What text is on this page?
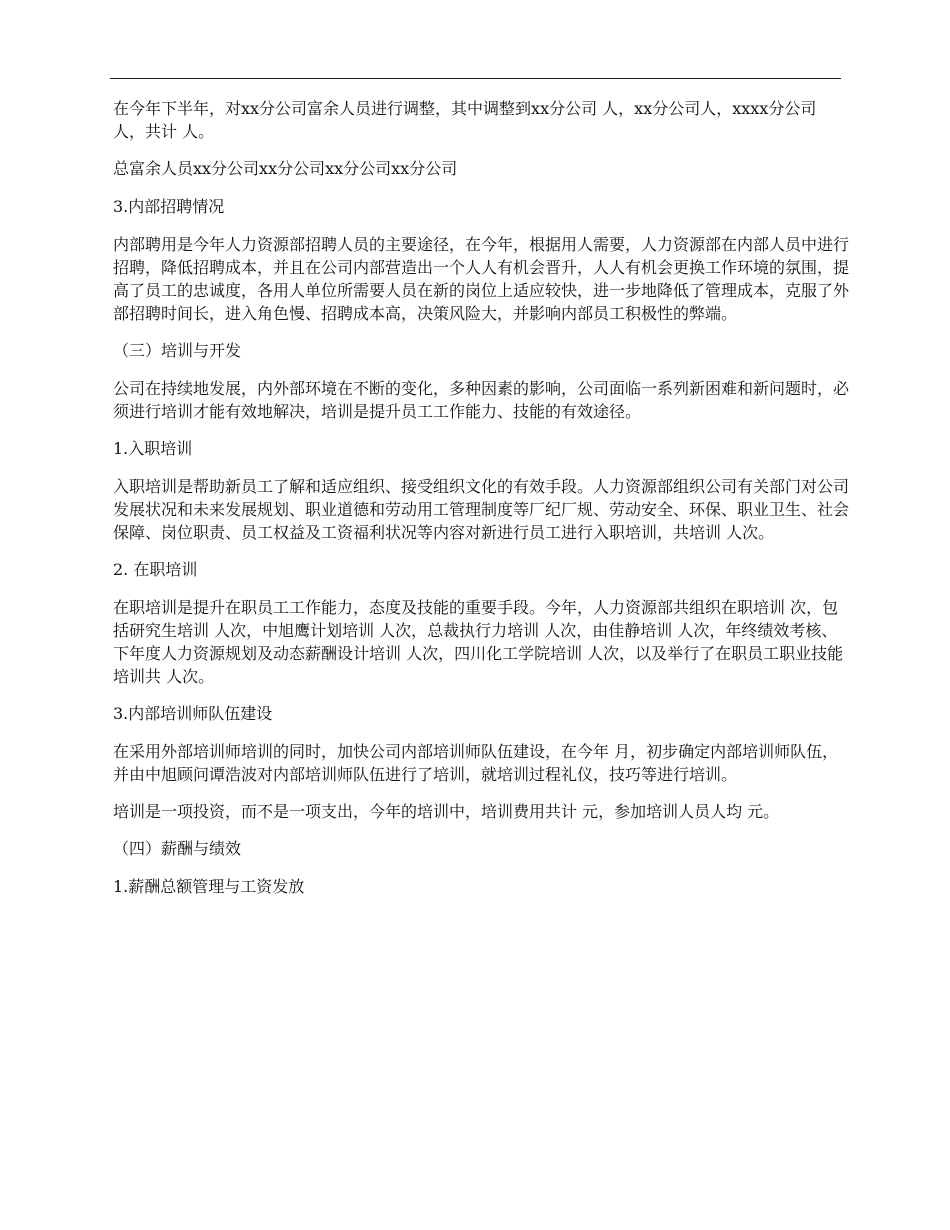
在今年下半年，对xx分公司富余人员进行调整，其中调整到xx分公司 人，xx分公司人，xxxx分公司 人，共计 人。

总富余人员xx分公司xx分公司xx分公司xx分公司

3.内部招聘情况

内部聘用是今年人力资源部招聘人员的主要途径，在今年，根据用人需要，人力资源部在内部人员中进行招聘，降低招聘成本，并且在公司内部营造出一个人人有机会晋升，人人有机会更换工作环境的氛围，提高了员工的忠诚度，各用人单位所需要人员在新的岗位上适应较快，进一步地降低了管理成本，克服了外部招聘时间长，进入角色慢、招聘成本高，决策风险大，并影响内部员工积极性的弊端。

（三）培训与开发

公司在持续地发展，内外部环境在不断的变化，多种因素的影响，公司面临一系列新困难和新问题时，必须进行培训才能有效地解决，培训是提升员工工作能力、技能的有效途径。

1.入职培训

入职培训是帮助新员工了解和适应组织、接受组织文化的有效手段。人力资源部组织公司有关部门对公司发展状况和未来发展规划、职业道德和劳动用工管理制度等厂纪厂规、劳动安全、环保、职业卫生、社会保障、岗位职责、员工权益及工资福利状况等内容对新进行员工进行入职培训，共培训 人次。

2. 在职培训

在职培训是提升在职员工工作能力，态度及技能的重要手段。今年，人力资源部共组织在职培训 次，包括研究生培训 人次，中旭鹰计划培训 人次，总裁执行力培训 人次，由佳静培训 人次，年终绩效考核、下年度人力资源规划及动态薪酬设计培训 人次，四川化工学院培训 人次，以及举行了在职员工职业技能培训共 人次。

3.内部培训师队伍建设

在采用外部培训师培训的同时，加快公司内部培训师队伍建设，在今年 月，初步确定内部培训师队伍，并由中旭顾问谭浩波对内部培训师队伍进行了培训，就培训过程礼仪，技巧等进行培训。

培训是一项投资，而不是一项支出，今年的培训中，培训费用共计 元，参加培训人员人均 元。

（四）薪酬与绩效

1.薪酬总额管理与工资发放
